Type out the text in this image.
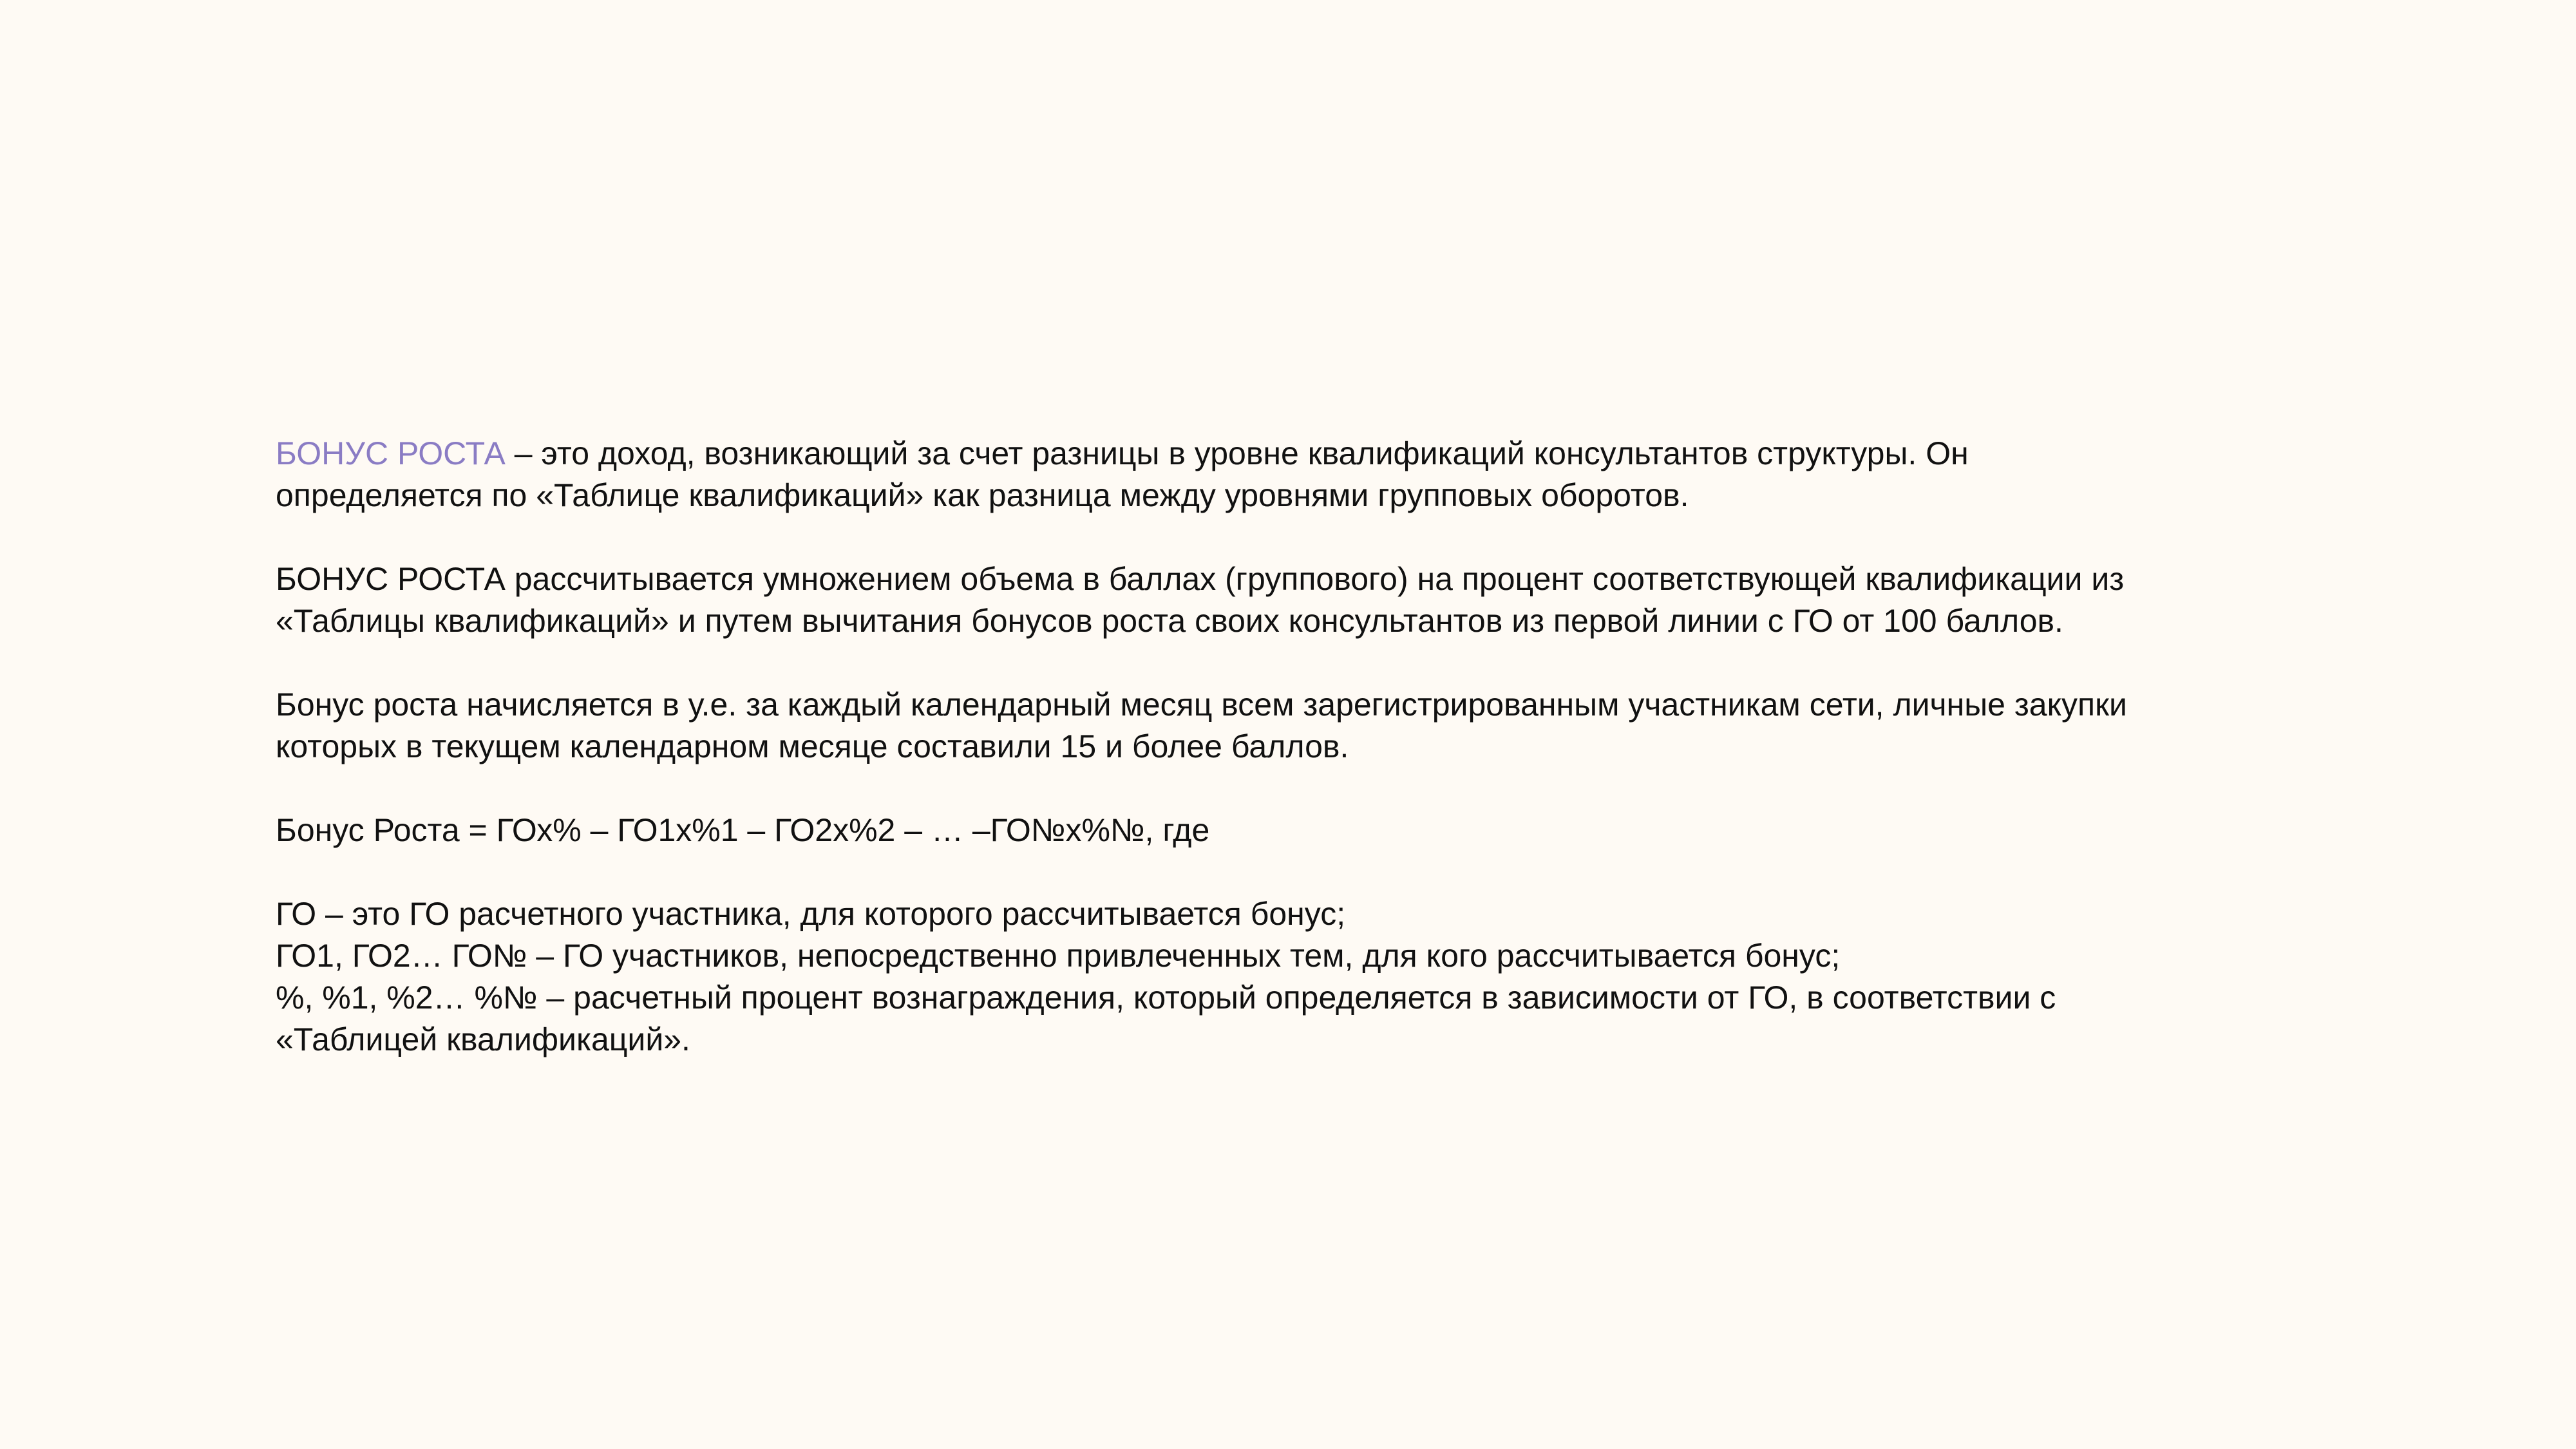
БОНУС РОСТА – это доход, возникающий за счет разницы в уровне квалификаций консультантов структуры. Он
определяется по «Таблице квалификаций» как разница между уровнями групповых оборотов.

БОНУС РОСТА рассчитывается умножением объема в баллах (группового) на процент соответствующей квалификации из
«Таблицы квалификаций» и путем вычитания бонусов роста своих консультантов из первой линии с ГО от 100 баллов.

Бонус роста начисляется в у.е. за каждый календарный месяц всем зарегистрированным участникам сети, личные закупки
которых в текущем календарном месяце составили 15 и более баллов.

Бонус Роста = ГОх% – ГО1х%1 – ГО2х%2 – … –ГО№х%№, где

ГО – это ГО расчетного участника, для которого рассчитывается бонус;
ГО1, ГО2… ГО№ – ГО участников, непосредственно привлеченных тем, для кого рассчитывается бонус;
%, %1, %2… %№ – расчетный процент вознаграждения, который определяется в зависимости от ГО, в соответствии с
«Таблицей квалификаций».
